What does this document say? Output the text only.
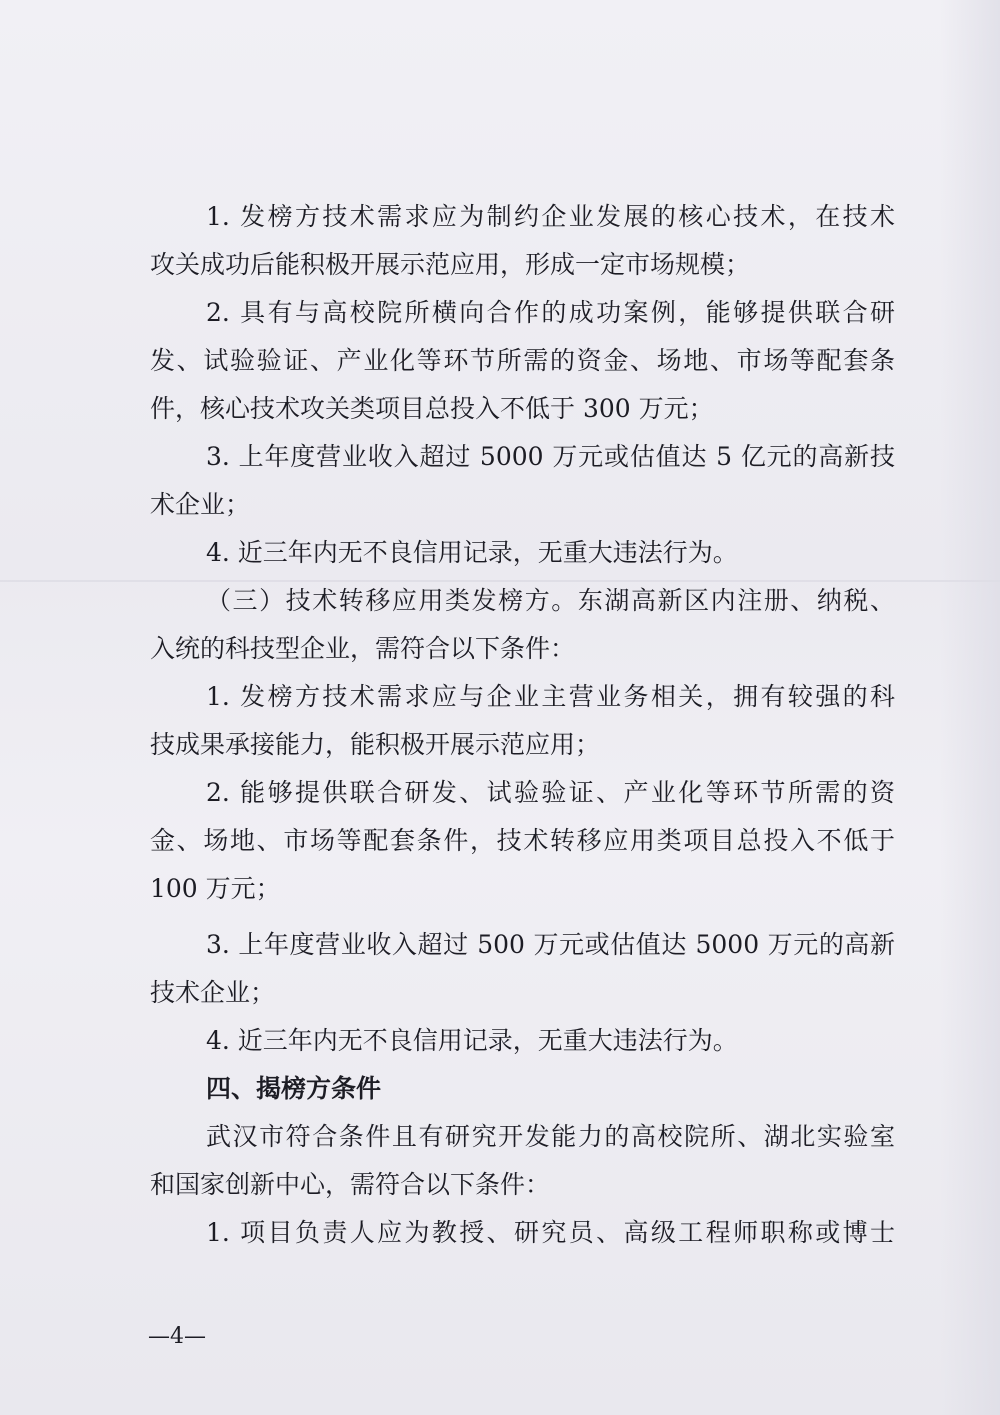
1. 发榜方技术需求应为制约企业发展的核心技术，在技术
攻关成功后能积极开展示范应用，形成一定市场规模；
2. 具有与高校院所横向合作的成功案例，能够提供联合研
发、试验验证、产业化等环节所需的资金、场地、市场等配套条
件，核心技术攻关类项目总投入不低于 300 万元；
3. 上年度营业收入超过 5000 万元或估值达 5 亿元的高新技
术企业；
4. 近三年内无不良信用记录，无重大违法行为。
（三）技术转移应用类发榜方。东湖高新区内注册、纳税、
入统的科技型企业，需符合以下条件：
1. 发榜方技术需求应与企业主营业务相关，拥有较强的科
技成果承接能力，能积极开展示范应用；
2. 能够提供联合研发、试验验证、产业化等环节所需的资
金、场地、市场等配套条件，技术转移应用类项目总投入不低于
100 万元；
3. 上年度营业收入超过 500 万元或估值达 5000 万元的高新
技术企业；
4. 近三年内无不良信用记录，无重大违法行为。
四、揭榜方条件
武汉市符合条件且有研究开发能力的高校院所、湖北实验室
和国家创新中心，需符合以下条件：
1. 项目负责人应为教授、研究员、高级工程师职称或博士
—4—
